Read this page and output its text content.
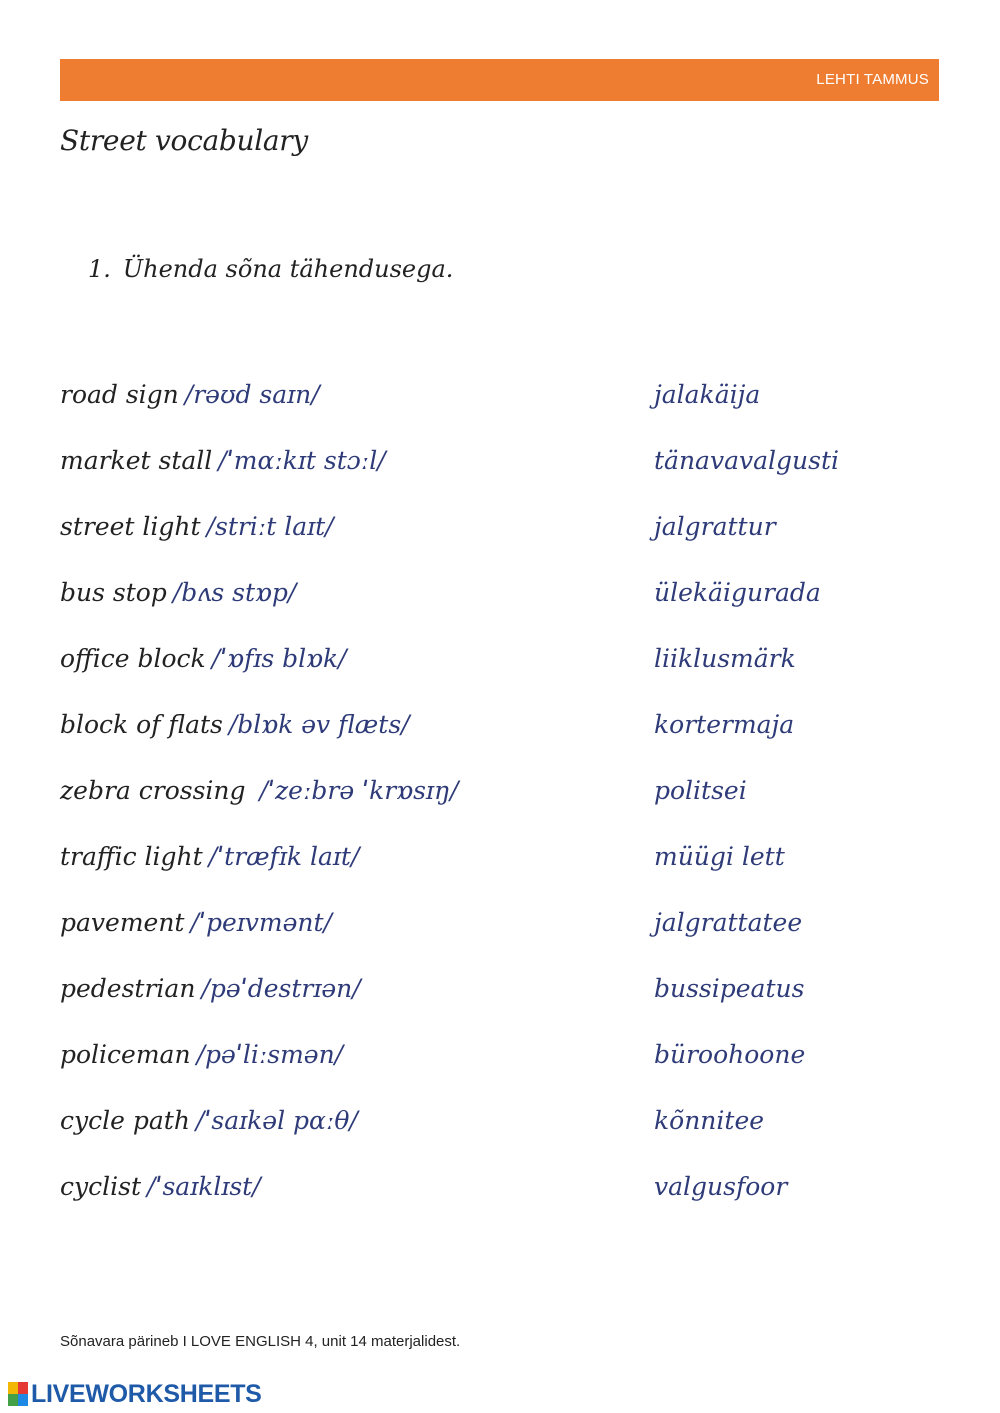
LEHTI TAMMUS
Street vocabulary
1. Ühenda sõna tähendusega.
road sign /rəʊd saɪn/	jalakäija
market stall /ˈmɑːkɪt stɔːl/	tänavavalgusti
street light /striːt laɪt/	jalgrattur
bus stop /bʌs stɒp/	ülekäigurada
office block /ˈɒfɪs blɒk/	liiklusmärk
block of flats /blɒk əv flæts/	kortermaja
zebra crossing /ˈzeːbrə ˈkrɒsɪŋ/	politsei
traffic light /ˈtræfɪk laɪt/	müügi lett
pavement /ˈpeɪvmənt/	jalgrattatee
pedestrian /pəˈdestrɪən/	bussipeatus
policeman /pəˈliːsmən/	büroohoone
cycle path /ˈsaɪkəl pɑːθ/	kõnnitee
cyclist /ˈsaɪklɪst/	valgusfoor
Sõnavara pärineb I LOVE ENGLISH 4, unit 14 materjalidest.
LIVEWORKSHEETS
